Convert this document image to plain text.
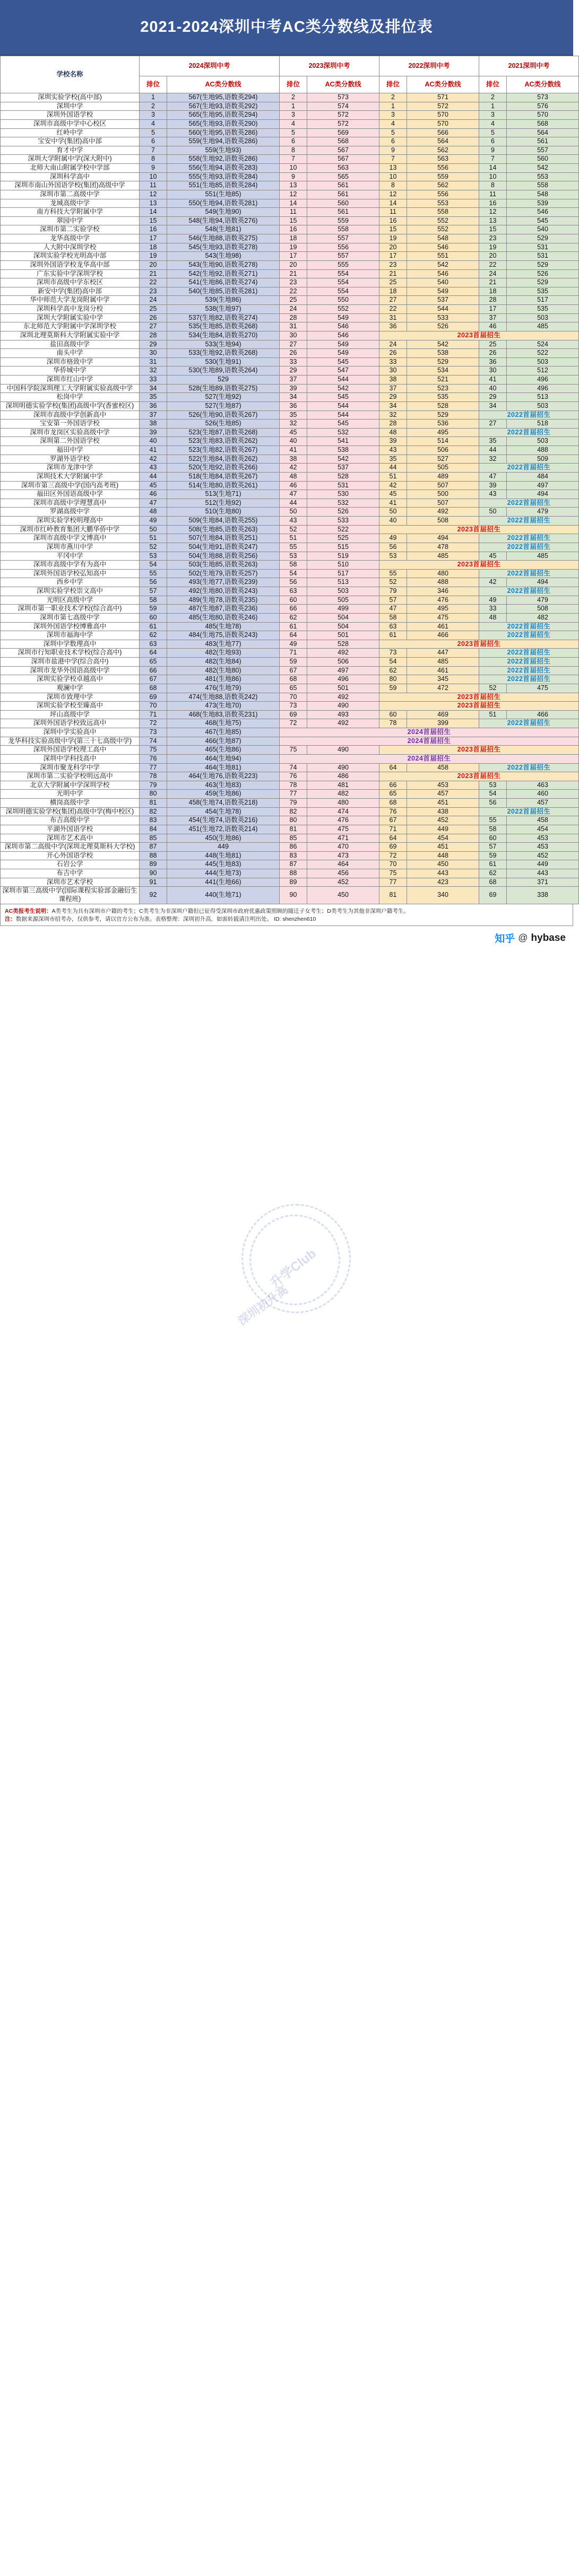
升学Club
深圳初升高
2021-2024深圳中考AC类分数线及排位表
学校名称	2024深圳中考		2023深圳中考		2022深圳中考		2021深圳中考	
	排位	AC类分数线	排位	AC类分数线	排位	AC类分数线	排位	AC类分数线
深圳实验学校(高中部)	1	567(生地95,语数英294)	2	573	2	571	2	573
深圳中学	2	567(生地93,语数英292)	1	574	1	572	1	576
深圳外国语学校	3	565(生地95,语数英294)	3	572	3	570	3	570
深圳市高级中学中心校区	4	565(生地93,语数英290)	4	572	4	570	4	568
红岭中学	5	560(生地95,语数英286)	5	569	5	566	5	564
宝安中学(集团)高中部	6	559(生地94,语数英286)	6	568	6	564	6	561
育才中学	7	559(生地93)	8	567	9	562	9	557
深圳大学附属中学(深大附中)	8	558(生地92,语数英286)	7	567	7	563	7	560
北师大南山附属学校中学部	9	556(生地94,语数英283)	10	563	13	556	14	542
深圳科学高中	10	555(生地93,语数英284)	9	565	10	559	10	553
深圳市南山外国语学校(集团)高级中学	11	551(生地85,语数英284)	13	561	8	562	8	558
深圳市第二高级中学	12	551(生地85)	12	561	12	556	11	548
龙城高级中学	13	550(生地94,语数英281)	14	560	14	553	16	539
南方科技大学附属中学	14	549(生地90)	11	561	11	558	12	546
翠园中学	15	548(生地94,语数英276)	15	559	16	552	13	545
深圳市第二实验学校	16	548(生地81)	16	558	15	552	15	540
龙华高级中学	17	546(生地88,语数英275)	18	557	19	548	23	529
人大附中深圳学校	18	545(生地93,语数英278)	19	556	20	546	19	531
深圳实验学校光明高中部	19	543(生地98)	17	557	17	551	20	531
深圳外国语学校龙华高中部	20	543(生地90,语数英278)	20	555	23	542	22	529
广东实验中学深圳学校	21	542(生地92,语数英271)	21	554	21	546	24	526
深圳市高级中学东校区	22	541(生地86,语数英274)	23	554	25	540	21	529
新安中学(集团)高中部	23	540(生地85,语数英281)	22	554	18	549	18	535
华中师范大学龙岗附属中学	24	539(生地86)	25	550	27	537	28	517
深圳科学高中龙岗分校	25	538(生地97)	24	552	22	544	17	535
深圳大学附属实验中学	26	537(生地82,语数英274)	28	549	31	533	37	503
东北师范大学附属中学深圳学校	27	535(生地85,语数英268)	31	546	36	526	46	485
深圳北理莫斯科大学附属实验中学	28	534(生地84,语数英270)	30	546	2023首届招生			
盐田高级中学	29	533(生地94)	27	549	24	542	25	524
南头中学	30	533(生地92,语数英268)	26	549	26	538	26	522
深圳市格致中学	31	530(生地91)	33	545	33	529	36	503
华侨城中学	32	530(生地89,语数英264)	29	547	30	534	30	512
深圳市红山中学	33	529	37	544	38	521	41	496
中国科学院深圳理工大学附属实验高级中学	34	528(生地89,语数英275)	39	542	37	523	40	496
松岗中学	35	527(生地92)	34	545	29	535	29	513
深圳明德实验学校(集团)高级中学(香蜜校区)	36	527(生地87)	36	544	34	528	34	503
深圳市高级中学创新高中	37	526(生地90,语数英267)	35	544	32	529	2022首届招生	
宝安第一外国语学校	38	526(生地85)	32	545	28	536	27	518
深圳市龙岗区实验高级中学	39	523(生地87,语数英268)	45	532	48	495	2022首届招生	
深圳第二外国语学校	40	523(生地83,语数英262)	40	541	39	514	35	503
福田中学	41	523(生地82,语数英267)	41	538	43	506	44	488
罗湖外语学校	42	522(生地84,语数英262)	38	542	35	527	32	509
深圳市龙津中学	43	520(生地92,语数英266)	42	537	44	505	2022首届招生	
深圳技术大学附属中学	44	518(生地84,语数英267)	48	528	51	489	47	484
深圳市第三高级中学(国内高考班)	45	514(生地80,语数英261)	46	531	42	507	39	497
福田区外国语高级中学	46	513(生地71)	47	530	45	500	43	494
深圳市高级中学理慧高中	47	512(生地92)	44	532	41	507	2022首届招生	
罗湖高级中学	48	510(生地80)	50	526	50	492	50	479
深圳实验学校明理高中	49	509(生地84,语数英255)	43	533	40	508	2022首届招生	
深圳市红岭教育集团大鹏华侨中学	50	508(生地85,语数英263)	52	522	2023首届招生			
深圳市高级中学文博高中	51	507(生地84,语数英251)	51	525	49	494	2022首届招生	
深圳市燕川中学	52	504(生地91,语数英247)	55	515	56	478	2022首届招生	
平冈中学	53	504(生地88,语数英256)	53	519	53	485	45	485
深圳市高级中学有为高中	54	503(生地85,语数英263)	58	510	2023首届招生			
深圳外国语学校弘知高中	55	502(生地79,语数英257)	54	517	55	480	2022首届招生	
西乡中学	56	493(生地77,语数英239)	56	513	52	488	42	494
深圳实验学校崇文高中	57	492(生地80,语数英243)	63	503	79	346	2022首届招生	
光明区高级中学	58	489(生地78,语数英235)	60	505	57	476	49	479
深圳市第一职业技术学校(综合高中)	59	487(生地87,语数英236)	66	499	47	495	33	508
深圳市第七高级中学	60	485(生地80,语数英246)	62	504	58	475	48	482
深圳外国语学校博雅高中	61	485(生地78)	61	504	63	461	2022首届招生	
深圳市福海中学	62	484(生地75,语数英243)	64	501	61	466	2022首届招生	
深圳中学数理高中	63	483(生地77)	49	528	2023首届招生			
深圳市行知职业技术学校(综合高中)	64	482(生地93)	71	492	73	447	2022首届招生	
深圳市盐港中学(综合高中)	65	482(生地84)	59	506	54	485	2022首届招生	
深圳市龙华外国语高级中学	66	482(生地80)	67	497	62	461	2022首届招生	
深圳实验学校卓越高中	67	481(生地86)	68	496	80	345	2022首届招生	
观澜中学	68	476(生地79)	65	501	59	472	52	475
深圳市致理中学	69	474(生地88,语数英242)	70	492	2023首届招生			
深圳实验学校至臻高中	70	473(生地70)	73	490	2023首届招生			
坪山高级中学	71	468(生地83,语数英231)	69	493	60	469	51	466
深圳外国语学校致远高中	72	468(生地75)	72	492	78	399	2022首届招生	
深圳中学实验高中	73	467(生地85)	2024首届招生					
龙华科技实验高级中学(第三十七高级中学)	74	466(生地87)	2024首届招生					
深圳外国语学校理工高中	75	465(生地86)	75	490	2023首届招生			
深圳中学科技高中	76	464(生地94)	2024首届招生					
深圳市聚龙科学中学	77	464(生地81)	74	490	64	458	2022首届招生	
深圳市第二实验学校明远高中	78	464(生地76,语数英223)	76	486	2023首届招生			
北京大学附属中学深圳学校	79	463(生地83)	78	481	66	453	53	463
光明中学	80	459(生地86)	77	482	65	457	54	460
横岗高级中学	81	458(生地74,语数英218)	79	480	68	451	56	457
深圳明德实验学校(集团)高级中学(梅中校区)	82	454(生地78)	82	474	76	438	2022首届招生	
布吉高级中学	83	454(生地74,语数英216)	80	476	67	452	55	458
平湖外国语学校	84	451(生地72,语数英214)	81	475	71	449	58	454
深圳市艺术高中	85	450(生地86)	85	471	64	454	60	453
深圳市第二高级中学(深圳北理莫斯科大学校)	87	449	86	470	69	451	57	453
开心外国语学校	88	448(生地81)	83	473	72	448	59	452
石岩公学	89	445(生地83)	87	464	70	450	61	449
布吉中学	90	444(生地73)	88	456	75	443	62	443
深圳市艺术学校	91	441(生地66)	89	452	77	423	68	371
深圳市第三高级中学(国际课程实验部金融衍生课程班)	92	440(生地71)	90	450	81	340	69	338
AC类报考生说明：A类考生为具有深圳市户籍的考生；C类考生为非深圳户籍但已征得受深圳市政府优惠政策照顾的随迁子女考生；D类考生为其他非深圳户籍考生。
注：数据来源深圳市招考办，仅供参考，请以官方公布为准。表格整理：深圳初升高，如需转载请注明出处。 ID: shenzhen610
知乎 @ hybase
